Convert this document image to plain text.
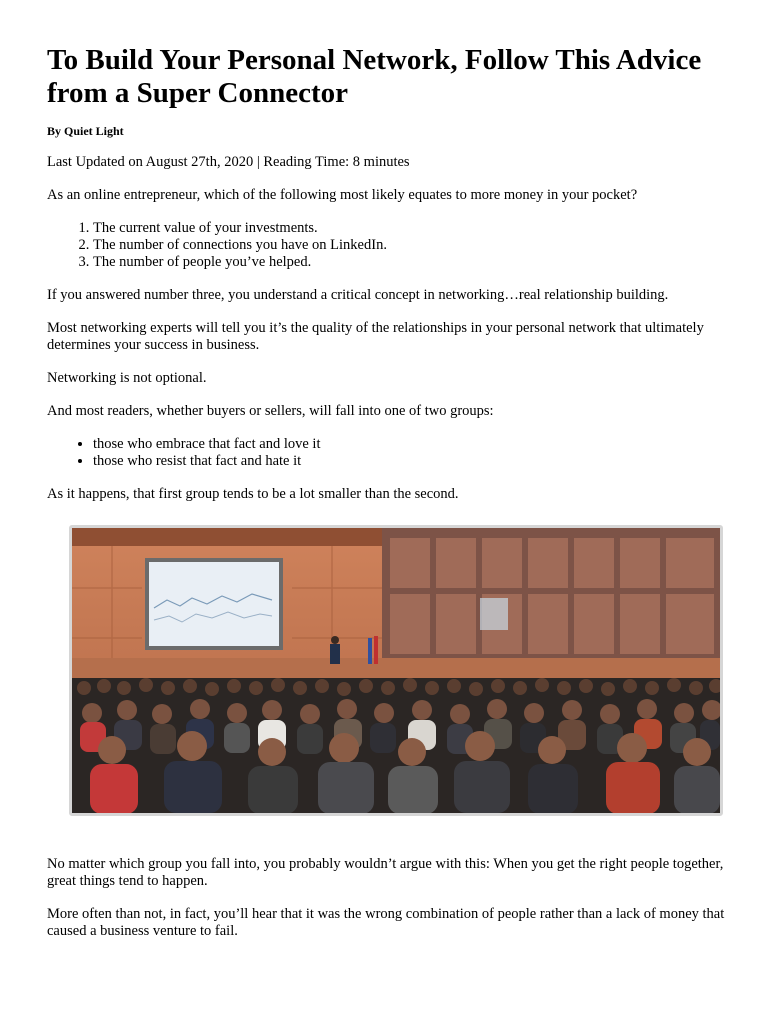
To Build Your Personal Network, Follow This Advice from a Super Connector
By Quiet Light

Last Updated on August 27th, 2020 | Reading Time: 8 minutes

As an online entrepreneur, which of the following most likely equates to more money in your pocket?

1. The current value of your investments.
2. The number of connections you have on LinkedIn.
3. The number of people you’ve helped.

If you answered number three, you understand a critical concept in networking…real relationship building.

Most networking experts will tell you it’s the quality of the relationships in your personal network that ultimately determines your success in business.

Networking is not optional.

And most readers, whether buyers or sellers, will fall into one of two groups:

• those who embrace that fact and love it
• those who resist that fact and hate it

As it happens, that first group tends to be a lot smaller than the second.

No matter which group you fall into, you probably wouldn’t argue with this: When you get the right people together, great things tend to happen.

More often than not, in fact, you’ll hear that it was the wrong combination of people rather than a lack of money that caused a business venture to fail.
